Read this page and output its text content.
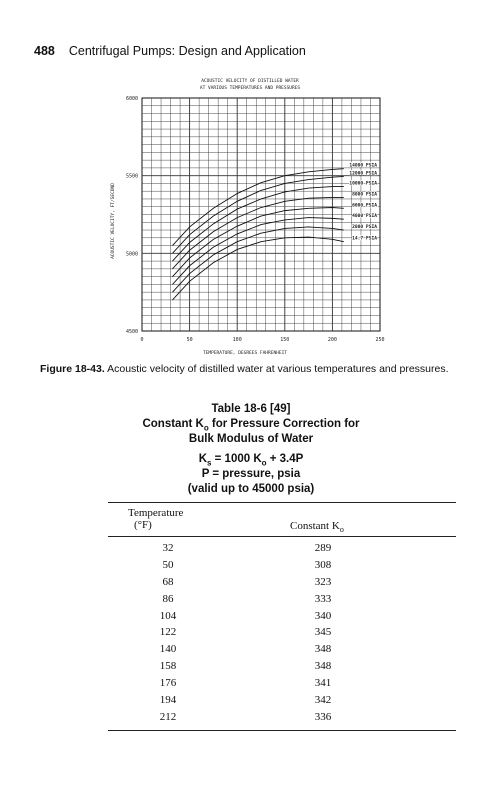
488 Centrifugal Pumps: Design and Application
ACOUSTIC VELOCITY OF DISTILLED WATER
AT VARIOUS TEMPERATURES AND PRESSURES
14.7 PSIA
2000 PSIA
4000 PSIA
6000 PSIA
8000 PSIA
10000 PSIA
12000 PSIA
14000 PSIA
0	50	100	150	200	250
4500
5000
5500
6000
TEMPERATURE, DEGREES FAHRENHEIT
ACOUSTIC VELOCITY, FT/SECOND
Figure 18-43. Acoustic velocity of distilled water at various temperatures and pressures.
Table 18-6 [49]
Constant $K_o$ for Pressure Correction for
Bulk Modulus of Water
$K_s = 1000$ $K_o + 3.4P$
P = pressure, psia
(valid up to 45000 psia)
Temperature
(°F)	Constant $K_o$
32	289
50	308
68	323
86	333
104	340
122	345
140	348
158	348
176	341
194	342
212	336
